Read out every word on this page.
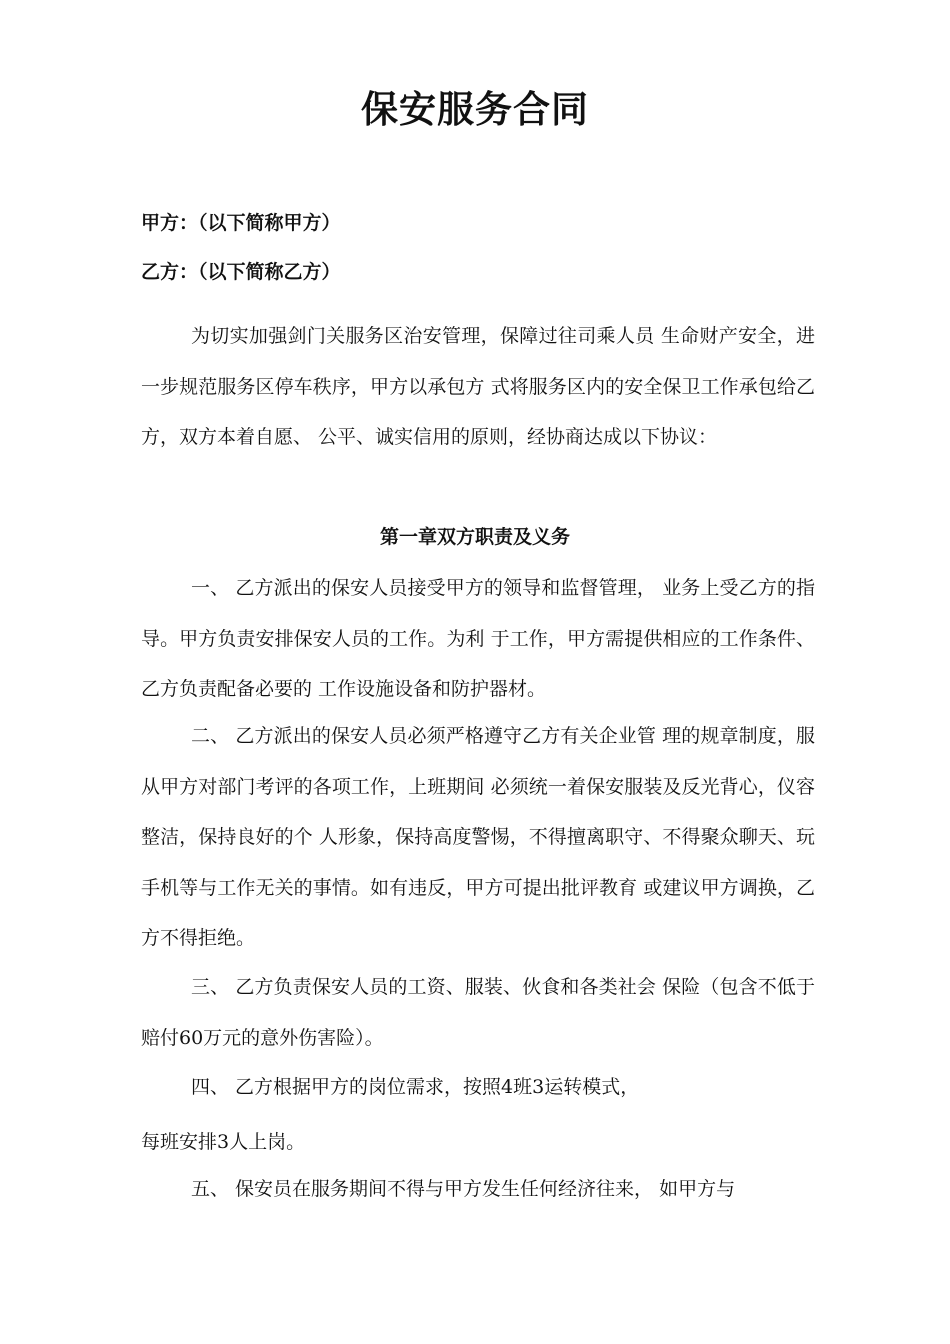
保安服务合同

甲方：（以下简称甲方）

乙方：（以下简称乙方）

为切实加强剑门关服务区治安管理，保障过往司乘人员 生命财产安全，进一步规范服务区停车秩序，甲方以承包方 式将服务区内的安全保卫工作承包给乙方，双方本着自愿、 公平、诚实信用的原则，经协商达成以下协议：

第一章双方职责及义务

一、 乙方派出的保安人员接受甲方的领导和监督管理， 业务上受乙方的指导。甲方负责安排保安人员的工作。为利 于工作，甲方需提供相应的工作条件、乙方负责配备必要的 工作设施设备和防护器材。

二、 乙方派出的保安人员必须严格遵守乙方有关企业管 理的规章制度，服从甲方对部门考评的各项工作，上班期间 必须统一着保安服装及反光背心，仪容整洁，保持良好的个 人形象，保持高度警惕，不得擅离职守、不得聚众聊天、玩 手机等与工作无关的事情。如有违反，甲方可提出批评教育 或建议甲方调换，乙方不得拒绝。

三、 乙方负责保安人员的工资、服装、伙食和各类社会 保险（包含不低于赔付60万元的意外伤害险）。

四、 乙方根据甲方的岗位需求，按照4班3运转模式，

每班安排3人上岗。

五、 保安员在服务期间不得与甲方发生任何经济往来， 如甲方与
